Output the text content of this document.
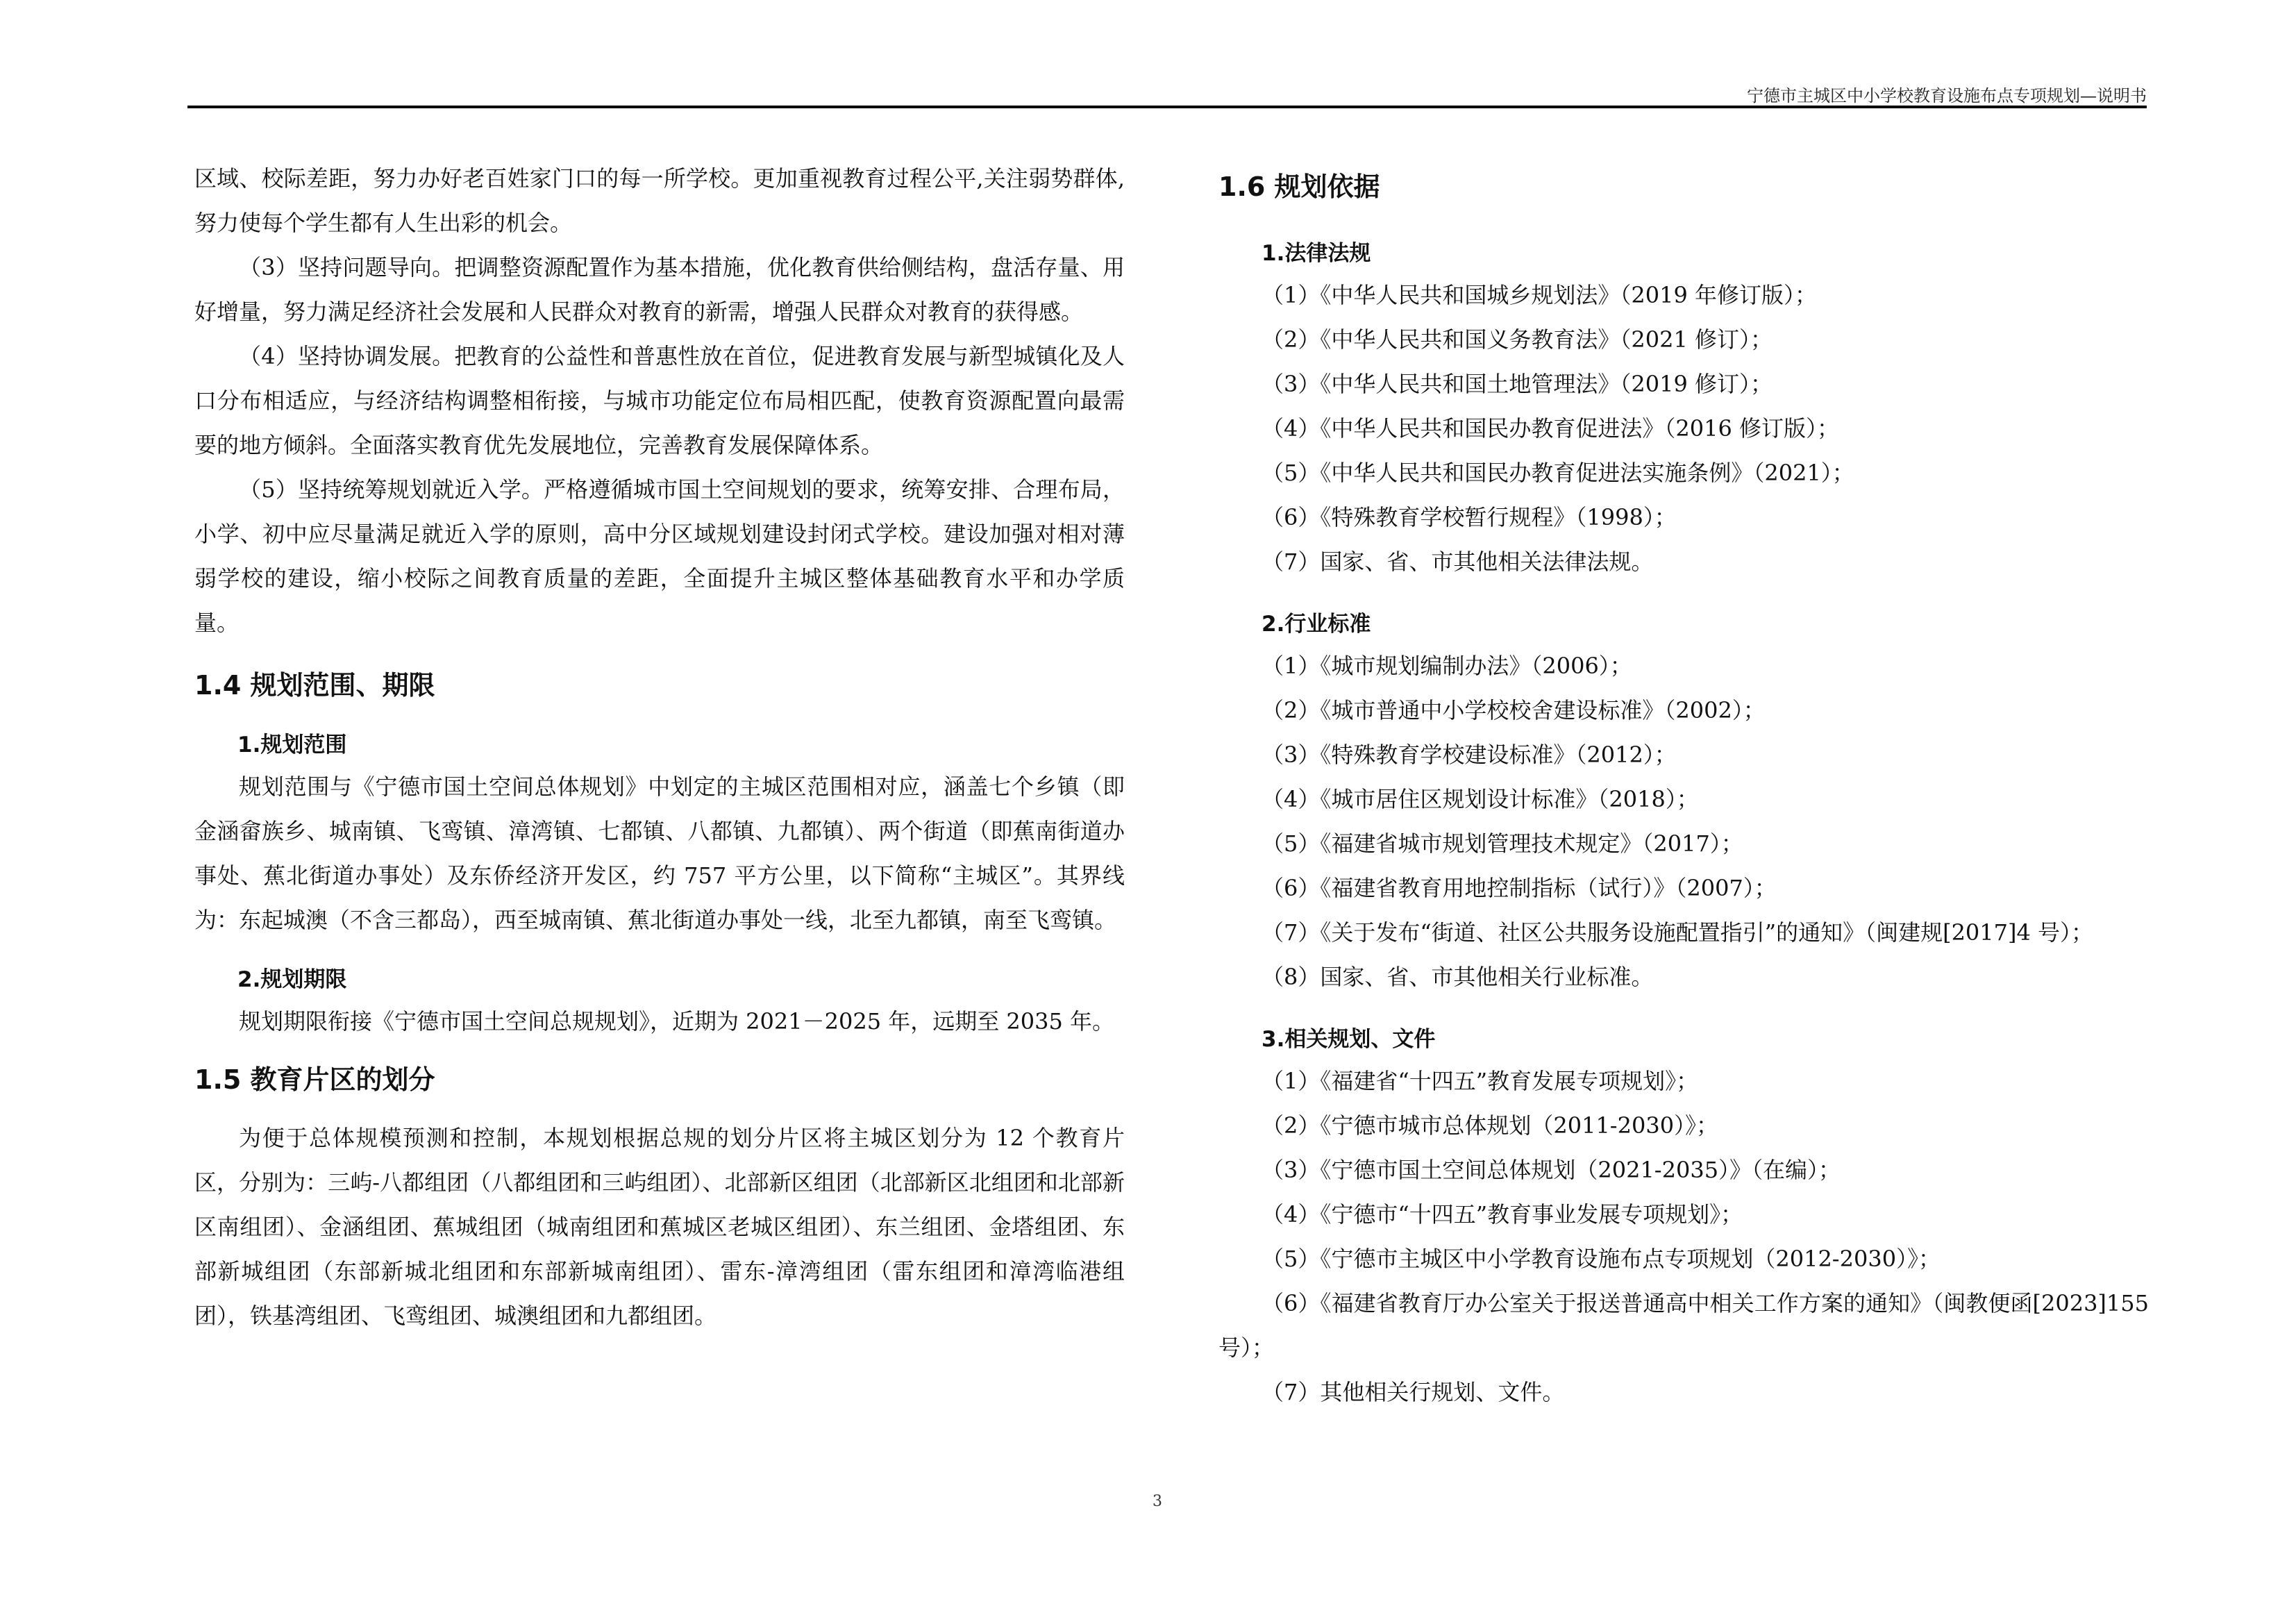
宁德市主城区中小学校教育设施布点专项规划—说明书

区域、校际差距，努力办好老百姓家门口的每一所学校。更加重视教育过程公平,关注弱势群体,努力使每个学生都有人生出彩的机会。

（3）坚持问题导向。把调整资源配置作为基本措施，优化教育供给侧结构，盘活存量、用好增量，努力满足经济社会发展和人民群众对教育的新需，增强人民群众对教育的获得感。

（4）坚持协调发展。把教育的公益性和普惠性放在首位，促进教育发展与新型城镇化及人口分布相适应，与经济结构调整相衔接，与城市功能定位布局相匹配，使教育资源配置向最需要的地方倾斜。全面落实教育优先发展地位，完善教育发展保障体系。

（5）坚持统筹规划就近入学。严格遵循城市国土空间规划的要求，统筹安排、合理布局，小学、初中应尽量满足就近入学的原则，高中分区域规划建设封闭式学校。建设加强对相对薄弱学校的建设，缩小校际之间教育质量的差距，全面提升主城区整体基础教育水平和办学质量。

1.4 规划范围、期限
1.规划范围

规划范围与《宁德市国土空间总体规划》中划定的主城区范围相对应，涵盖七个乡镇（即金涵畲族乡、城南镇、飞鸾镇、漳湾镇、七都镇、八都镇、九都镇）、两个街道（即蕉南街道办事处、蕉北街道办事处）及东侨经济开发区，约 757 平方公里，以下简称“主城区”。其界线为：东起城澳（不含三都岛），西至城南镇、蕉北街道办事处一线，北至九都镇，南至飞鸾镇。

2.规划期限

规划期限衔接《宁德市国土空间总规规划》，近期为 2021－2025 年，远期至 2035 年。

1.5 教育片区的划分

为便于总体规模预测和控制，本规划根据总规的划分片区将主城区划分为 12 个教育片区，分别为：三屿-八都组团（八都组团和三屿组团）、北部新区组团（北部新区北组团和北部新区南组团）、金涵组团、蕉城组团（城南组团和蕉城区老城区组团）、东兰组团、金塔组团、东部新城组团（东部新城北组团和东部新城南组团）、雷东-漳湾组团（雷东组团和漳湾临港组团），铁基湾组团、飞鸾组团、城澳组团和九都组团。

1.6 规划依据
1.法律法规

（1）《中华人民共和国城乡规划法》（2019 年修订版）；

（2）《中华人民共和国义务教育法》（2021 修订）；

（3）《中华人民共和国土地管理法》（2019 修订）；

（4）《中华人民共和国民办教育促进法》（2016 修订版）；

（5）《中华人民共和国民办教育促进法实施条例》（2021）；

（6）《特殊教育学校暂行规程》（1998）；

（7）国家、省、市其他相关法律法规。

2.行业标准

（1）《城市规划编制办法》（2006）；

（2）《城市普通中小学校校舍建设标准》（2002）；

（3）《特殊教育学校建设标准》（2012）；

（4）《城市居住区规划设计标准》（2018）；

（5）《福建省城市规划管理技术规定》（2017）；

（6）《福建省教育用地控制指标（试行）》（2007）；

（7）《关于发布“街道、社区公共服务设施配置指引”的通知》（闽建规[2017]4 号）；

（8）国家、省、市其他相关行业标准。

3.相关规划、文件

（1）《福建省“十四五”教育发展专项规划》；

（2）《宁德市城市总体规划（2011-2030）》；

（3）《宁德市国土空间总体规划（2021-2035）》（在编）；

（4）《宁德市“十四五”教育事业发展专项规划》；

（5）《宁德市主城区中小学教育设施布点专项规划（2012-2030）》；

（6）《福建省教育厅办公室关于报送普通高中相关工作方案的通知》（闽教便函[2023]155 号）；

（7）其他相关行规划、文件。

3
